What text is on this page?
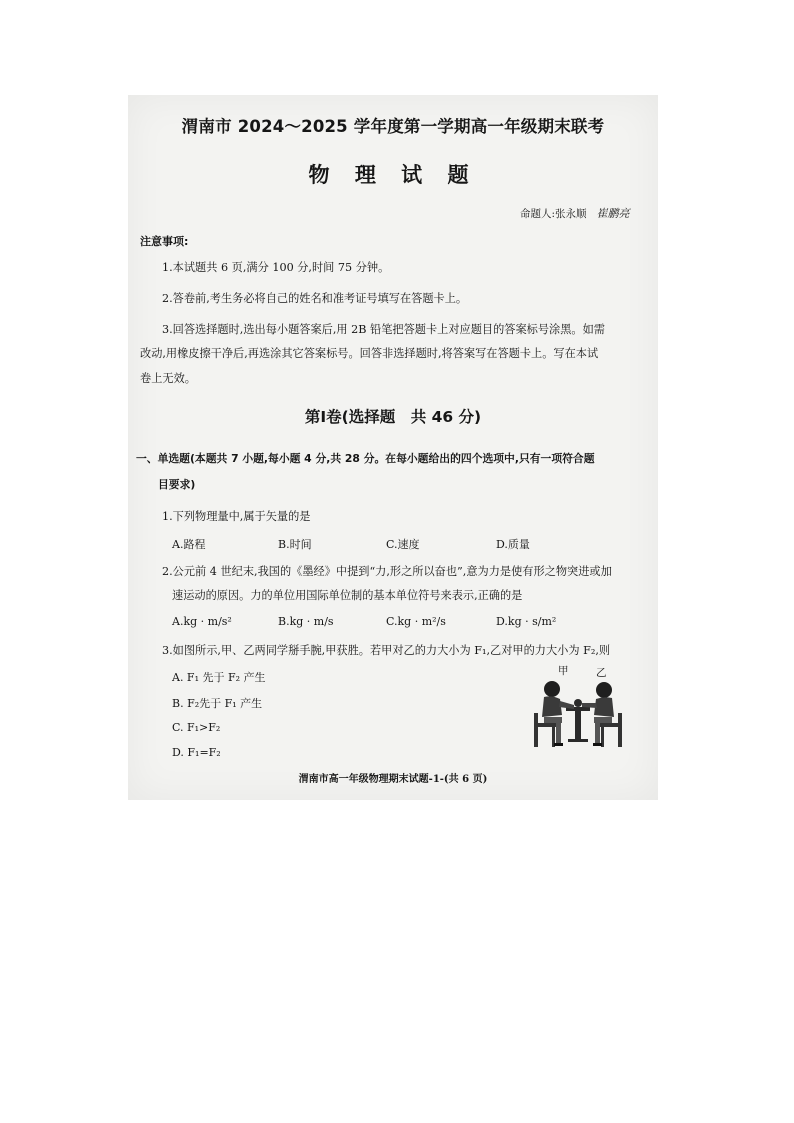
渭南市 2024～2025 学年度第一学期高一年级期末联考
物 理 试 题
命题人:张永顺 崔鹏亮
注意事项:
1.本试题共 6 页,满分 100 分,时间 75 分钟。
2.答卷前,考生务必将自己的姓名和准考证号填写在答题卡上。
3.回答选择题时,选出每小题答案后,用 2B 铅笔把答题卡上对应题目的答案标号涂黑。如需
改动,用橡皮擦干净后,再选涂其它答案标号。回答非选择题时,将答案写在答题卡上。写在本试
卷上无效。
第Ⅰ卷(选择题　共 46 分)
一、单选题(本题共 7 小题,每小题 4 分,共 28 分。在每小题给出的四个选项中,只有一项符合题
目要求)
1.下列物理量中,属于矢量的是
A.路程	B.时间	C.速度	D.质量
2.公元前 4 世纪末,我国的《墨经》中提到“力,形之所以奋也”,意为力是使有形之物突进或加
速运动的原因。力的单位用国际单位制的基本单位符号来表示,正确的是
A.kg · m/s²	B.kg · m/s	C.kg · m²/s	D.kg · s/m²
3.如图所示,甲、乙两同学掰手腕,甲获胜。若甲对乙的力大小为 F₁,乙对甲的力大小为 F₂,则
A. F₁ 先于 F₂ 产生
B. F₂先于 F₁ 产生
C. F₁>F₂
D. F₁=F₂
甲	乙
渭南市高一年级物理期末试题-1-(共 6 页)
